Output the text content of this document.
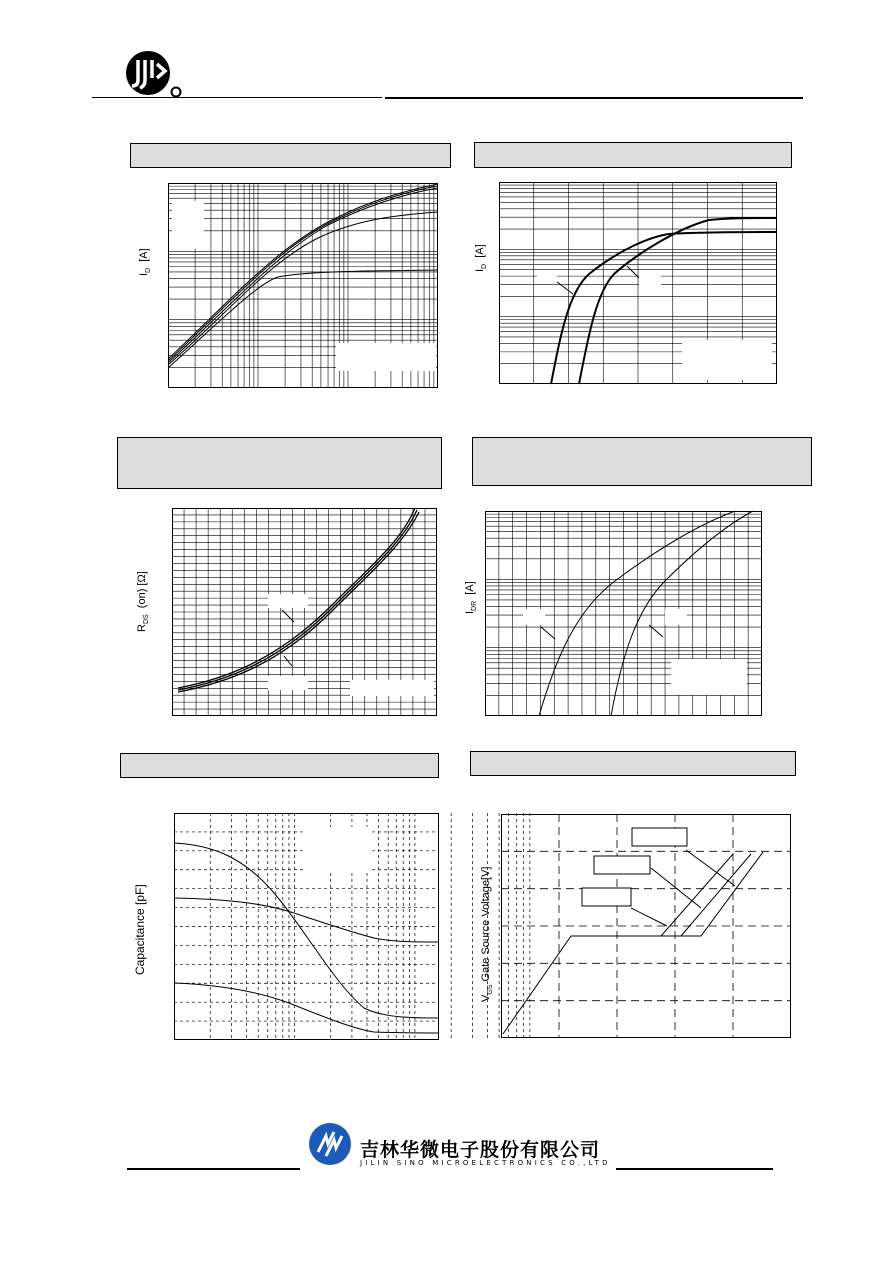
$I_D$  [A]
$I_D$  [A]
$R_{DS}$  (on) [Ω]
$I_{DR}$  [A]
Capacitance [pF]
$V_{GS}$ Gate Source Voltage[V]
吉林华微电子股份有限公司
JILIN SINO MICROELECTRONICS CO.,LTD
